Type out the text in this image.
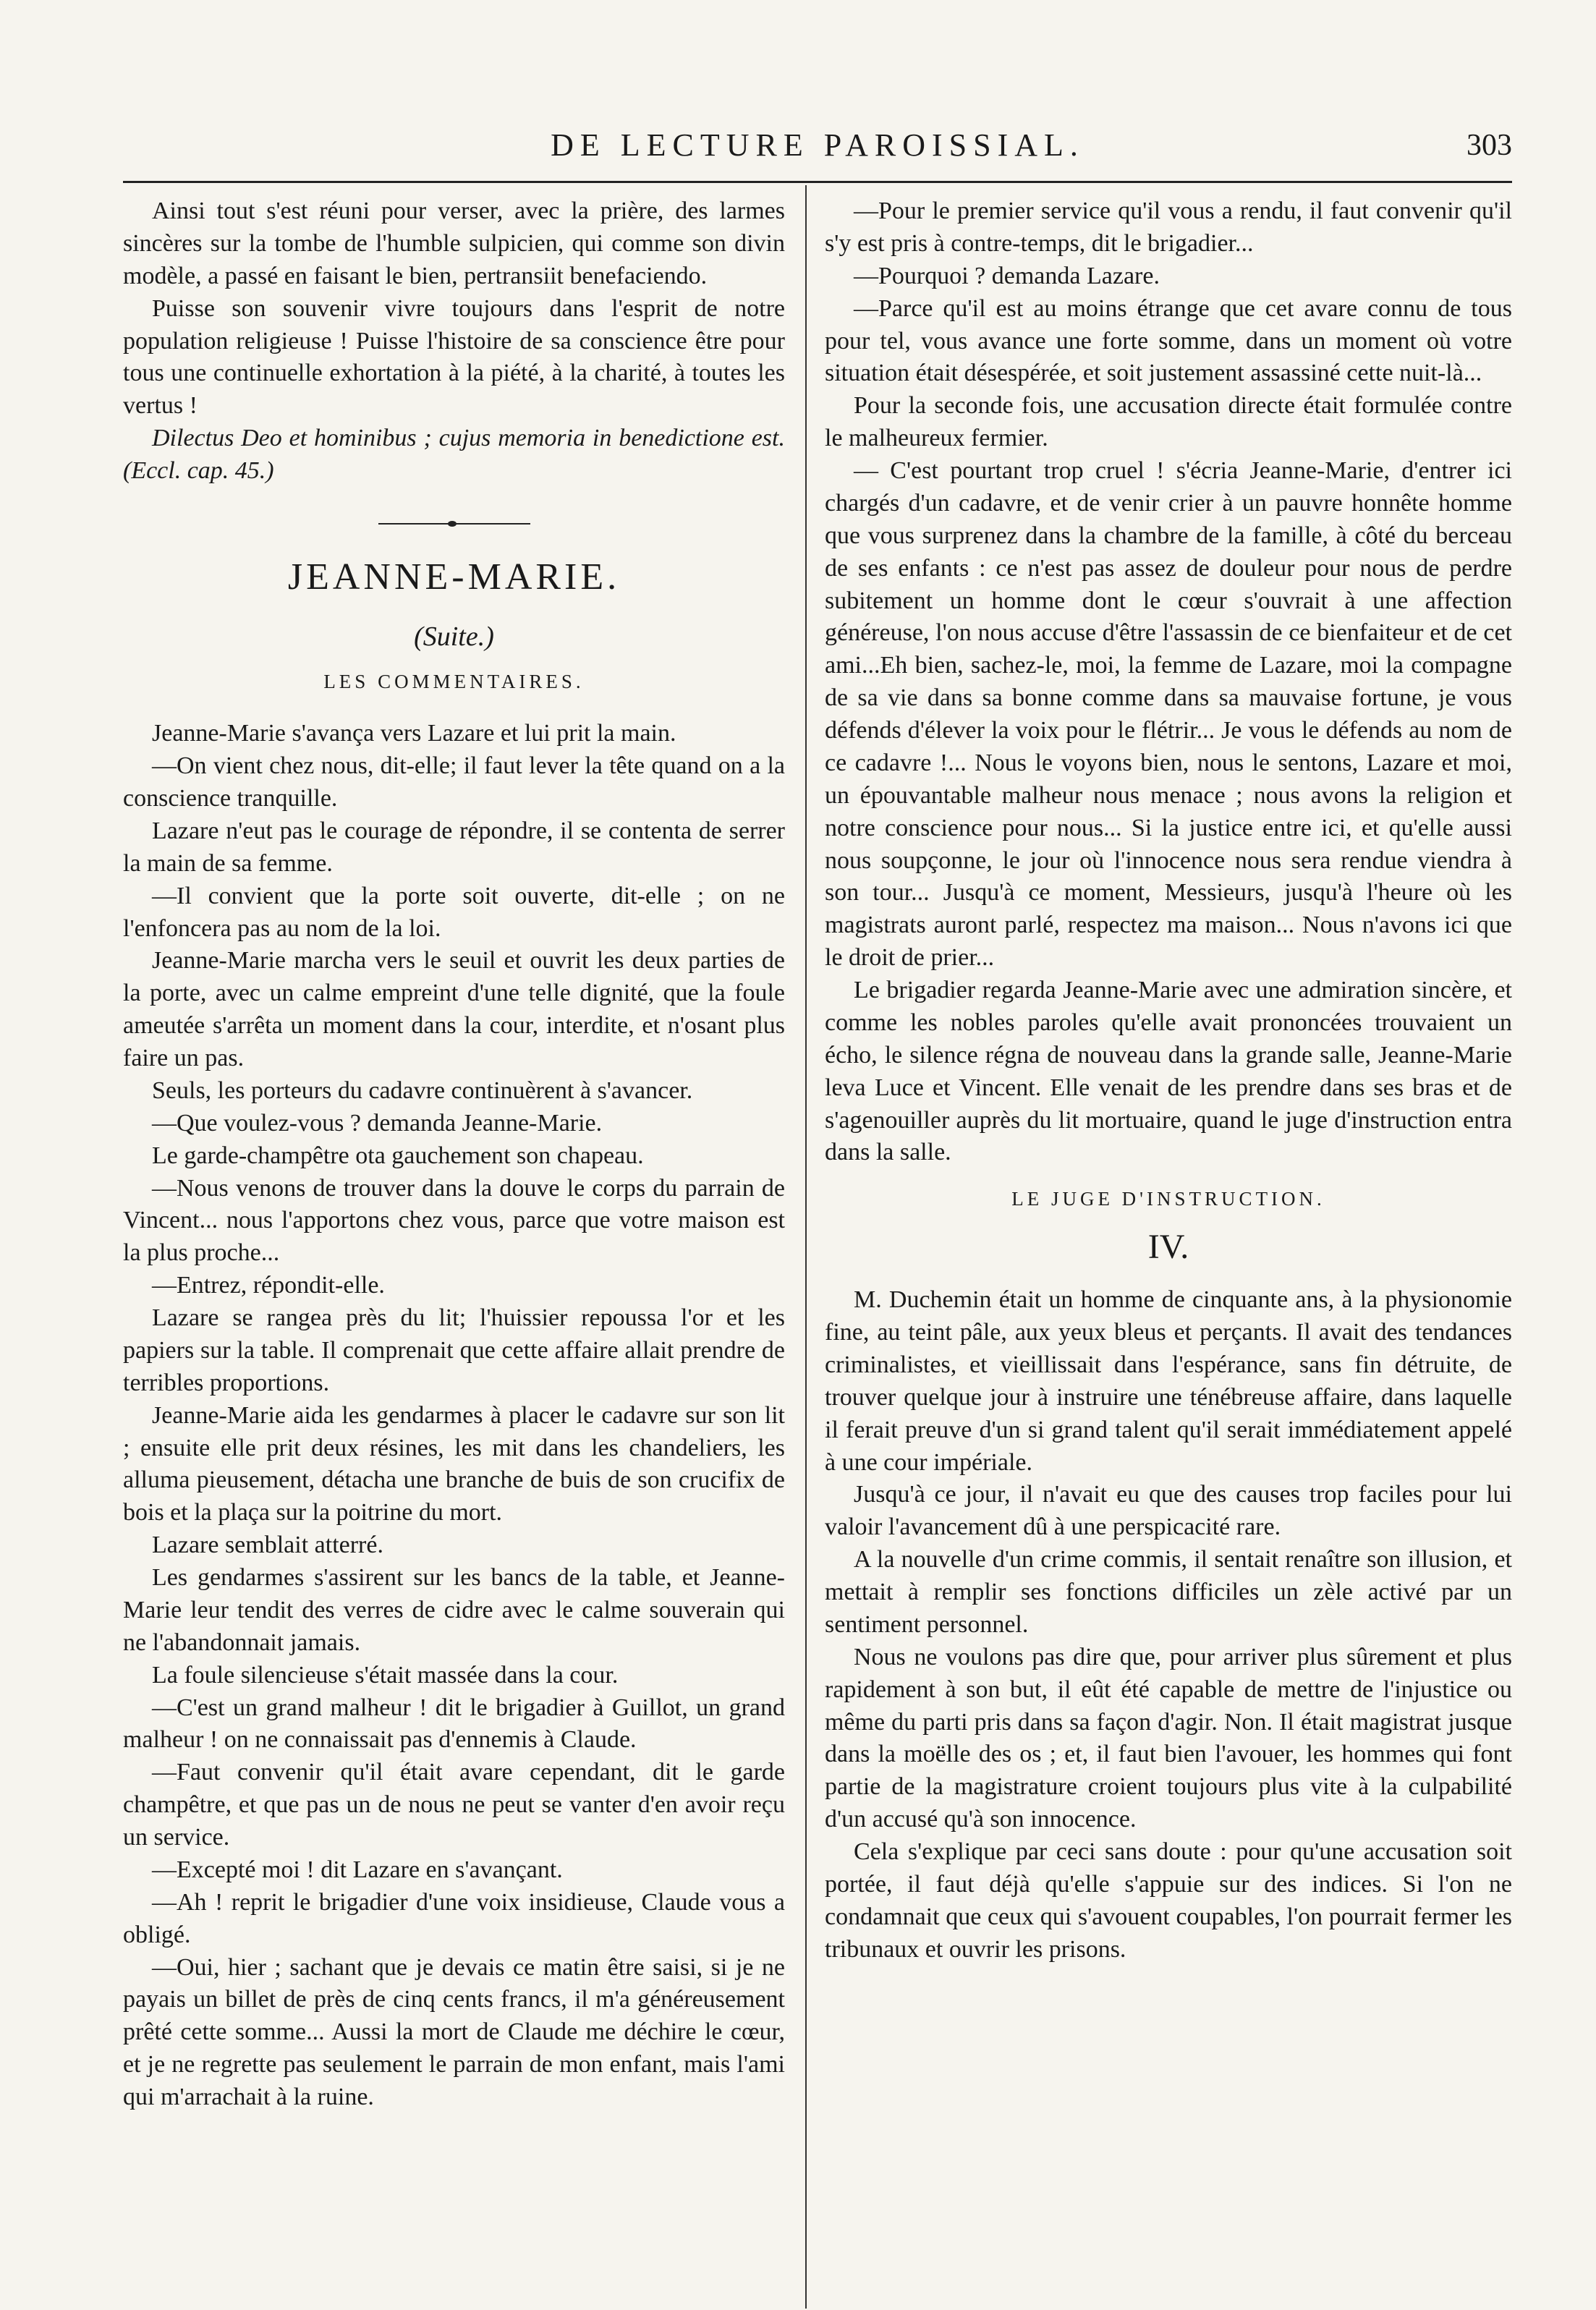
DE LECTURE PAROISSIAL.	303

Ainsi tout s'est réuni pour verser, avec la prière, des larmes sincères sur la tombe de l'humble sulpicien, qui comme son divin modèle, a passé en faisant le bien, pertransiit benefaciendo.

Puisse son souvenir vivre toujours dans l'esprit de notre population religieuse ! Puisse l'histoire de sa conscience être pour tous une continuelle exhortation à la piété, à la charité, à toutes les vertus !

Dilectus Deo et hominibus ; cujus memoria in benedictione est. (Eccl. cap. 45.)

JEANNE-MARIE.
(Suite.)
LES COMMENTAIRES.

Jeanne-Marie s'avança vers Lazare et lui prit la main.

—On vient chez nous, dit-elle; il faut lever la tête quand on a la conscience tranquille.

Lazare n'eut pas le courage de répondre, il se contenta de serrer la main de sa femme.

—Il convient que la porte soit ouverte, dit-elle ; on ne l'enfoncera pas au nom de la loi.

Jeanne-Marie marcha vers le seuil et ouvrit les deux parties de la porte, avec un calme empreint d'une telle dignité, que la foule ameutée s'arrêta un moment dans la cour, interdite, et n'osant plus faire un pas.

Seuls, les porteurs du cadavre continuèrent à s'avancer.

—Que voulez-vous ? demanda Jeanne-Marie.

Le garde-champêtre ota gauchement son chapeau.

—Nous venons de trouver dans la douve le corps du parrain de Vincent... nous l'apportons chez vous, parce que votre maison est la plus proche...

—Entrez, répondit-elle.

Lazare se rangea près du lit; l'huissier repoussa l'or et les papiers sur la table. Il comprenait que cette affaire allait prendre de terribles proportions.

Jeanne-Marie aida les gendarmes à placer le cadavre sur son lit ; ensuite elle prit deux résines, les mit dans les chandeliers, les alluma pieusement, détacha une branche de buis de son crucifix de bois et la plaça sur la poitrine du mort.

Lazare semblait atterré.

Les gendarmes s'assirent sur les bancs de la table, et Jeanne-Marie leur tendit des verres de cidre avec le calme souverain qui ne l'abandonnait jamais.

La foule silencieuse s'était massée dans la cour.

—C'est un grand malheur ! dit le brigadier à Guillot, un grand malheur ! on ne connaissait pas d'ennemis à Claude.

—Faut convenir qu'il était avare cependant, dit le garde champêtre, et que pas un de nous ne peut se vanter d'en avoir reçu un service.

—Excepté moi ! dit Lazare en s'avançant.

—Ah ! reprit le brigadier d'une voix insidieuse, Claude vous a obligé.

—Oui, hier ; sachant que je devais ce matin être saisi, si je ne payais un billet de près de cinq cents francs, il m'a généreusement prêté cette somme... Aussi la mort de Claude me déchire le cœur, et je ne regrette pas seulement le parrain de mon enfant, mais l'ami qui m'arrachait à la ruine.

—Pour le premier service qu'il vous a rendu, il faut convenir qu'il s'y est pris à contre-temps, dit le brigadier...

—Pourquoi ? demanda Lazare.

—Parce qu'il est au moins étrange que cet avare connu de tous pour tel, vous avance une forte somme, dans un moment où votre situation était désespérée, et soit justement assassiné cette nuit-là...

Pour la seconde fois, une accusation directe était formulée contre le malheureux fermier.

— C'est pourtant trop cruel ! s'écria Jeanne-Marie, d'entrer ici chargés d'un cadavre, et de venir crier à un pauvre honnête homme que vous surprenez dans la chambre de la famille, à côté du berceau de ses enfants : ce n'est pas assez de douleur pour nous de perdre subitement un homme dont le cœur s'ouvrait à une affection généreuse, l'on nous accuse d'être l'assassin de ce bienfaiteur et de cet ami...Eh bien, sachez-le, moi, la femme de Lazare, moi la compagne de sa vie dans sa bonne comme dans sa mauvaise fortune, je vous défends d'élever la voix pour le flétrir... Je vous le défends au nom de ce cadavre !... Nous le voyons bien, nous le sentons, Lazare et moi, un épouvantable malheur nous menace ; nous avons la religion et notre conscience pour nous... Si la justice entre ici, et qu'elle aussi nous soupçonne, le jour où l'innocence nous sera rendue viendra à son tour... Jusqu'à ce moment, Messieurs, jusqu'à l'heure où les magistrats auront parlé, respectez ma maison... Nous n'avons ici que le droit de prier...

Le brigadier regarda Jeanne-Marie avec une admiration sincère, et comme les nobles paroles qu'elle avait prononcées trouvaient un écho, le silence régna de nouveau dans la grande salle, Jeanne-Marie leva Luce et Vincent. Elle venait de les prendre dans ses bras et de s'agenouiller auprès du lit mortuaire, quand le juge d'instruction entra dans la salle.

LE JUGE D'INSTRUCTION.
IV.

M. Duchemin était un homme de cinquante ans, à la physionomie fine, au teint pâle, aux yeux bleus et perçants. Il avait des tendances criminalistes, et vieillissait dans l'espérance, sans fin détruite, de trouver quelque jour à instruire une ténébreuse affaire, dans laquelle il ferait preuve d'un si grand talent qu'il serait immédiatement appelé à une cour impériale.

Jusqu'à ce jour, il n'avait eu que des causes trop faciles pour lui valoir l'avancement dû à une perspicacité rare.

A la nouvelle d'un crime commis, il sentait renaître son illusion, et mettait à remplir ses fonctions difficiles un zèle activé par un sentiment personnel.

Nous ne voulons pas dire que, pour arriver plus sûrement et plus rapidement à son but, il eût été capable de mettre de l'injustice ou même du parti pris dans sa façon d'agir. Non. Il était magistrat jusque dans la moëlle des os ; et, il faut bien l'avouer, les hommes qui font partie de la magistrature croient toujours plus vite à la culpabilité d'un accusé qu'à son innocence.

Cela s'explique par ceci sans doute : pour qu'une accusation soit portée, il faut déjà qu'elle s'appuie sur des indices. Si l'on ne condamnait que ceux qui s'avouent coupables, l'on pourrait fermer les tribunaux et ouvrir les prisons.
